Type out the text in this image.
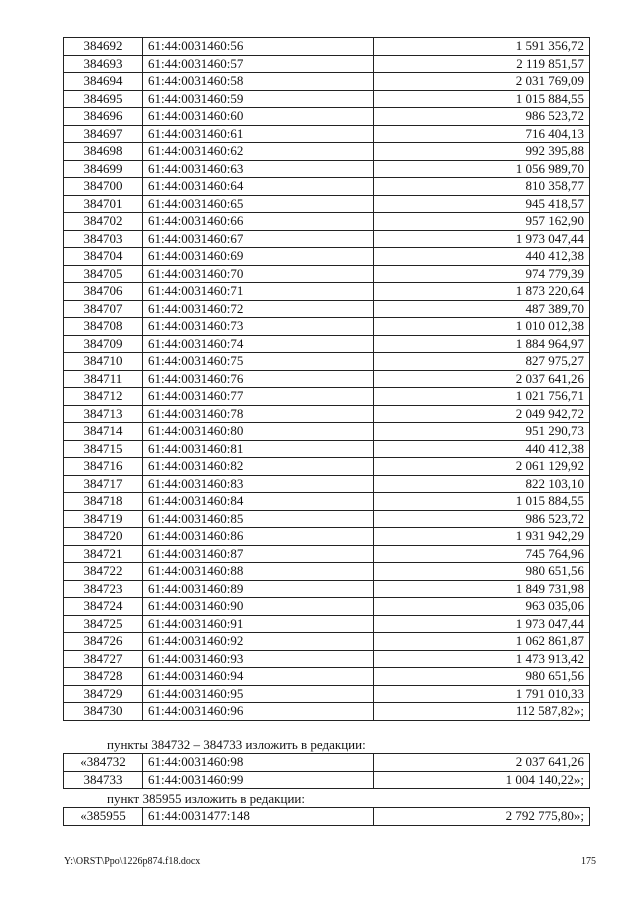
384692	61:44:0031460:56	1 591 356,72
384693	61:44:0031460:57	2 119 851,57
384694	61:44:0031460:58	2 031 769,09
384695	61:44:0031460:59	1 015 884,55
384696	61:44:0031460:60	986 523,72
384697	61:44:0031460:61	716 404,13
384698	61:44:0031460:62	992 395,88
384699	61:44:0031460:63	1 056 989,70
384700	61:44:0031460:64	810 358,77
384701	61:44:0031460:65	945 418,57
384702	61:44:0031460:66	957 162,90
384703	61:44:0031460:67	1 973 047,44
384704	61:44:0031460:69	440 412,38
384705	61:44:0031460:70	974 779,39
384706	61:44:0031460:71	1 873 220,64
384707	61:44:0031460:72	487 389,70
384708	61:44:0031460:73	1 010 012,38
384709	61:44:0031460:74	1 884 964,97
384710	61:44:0031460:75	827 975,27
384711	61:44:0031460:76	2 037 641,26
384712	61:44:0031460:77	1 021 756,71
384713	61:44:0031460:78	2 049 942,72
384714	61:44:0031460:80	951 290,73
384715	61:44:0031460:81	440 412,38
384716	61:44:0031460:82	2 061 129,92
384717	61:44:0031460:83	822 103,10
384718	61:44:0031460:84	1 015 884,55
384719	61:44:0031460:85	986 523,72
384720	61:44:0031460:86	1 931 942,29
384721	61:44:0031460:87	745 764,96
384722	61:44:0031460:88	980 651,56
384723	61:44:0031460:89	1 849 731,98
384724	61:44:0031460:90	963 035,06
384725	61:44:0031460:91	1 973 047,44
384726	61:44:0031460:92	1 062 861,87
384727	61:44:0031460:93	1 473 913,42
384728	61:44:0031460:94	980 651,56
384729	61:44:0031460:95	1 791 010,33
384730	61:44:0031460:96	112 587,82»;
пункты 384732 – 384733 изложить в редакции:
«384732	61:44:0031460:98	2 037 641,26
384733	61:44:0031460:99	1 004 140,22»;
пункт 385955 изложить в редакции:
«385955	61:44:0031477:148	2 792 775,80»;
Y:\ORST\Ppo\1226p874.f18.docx	175
